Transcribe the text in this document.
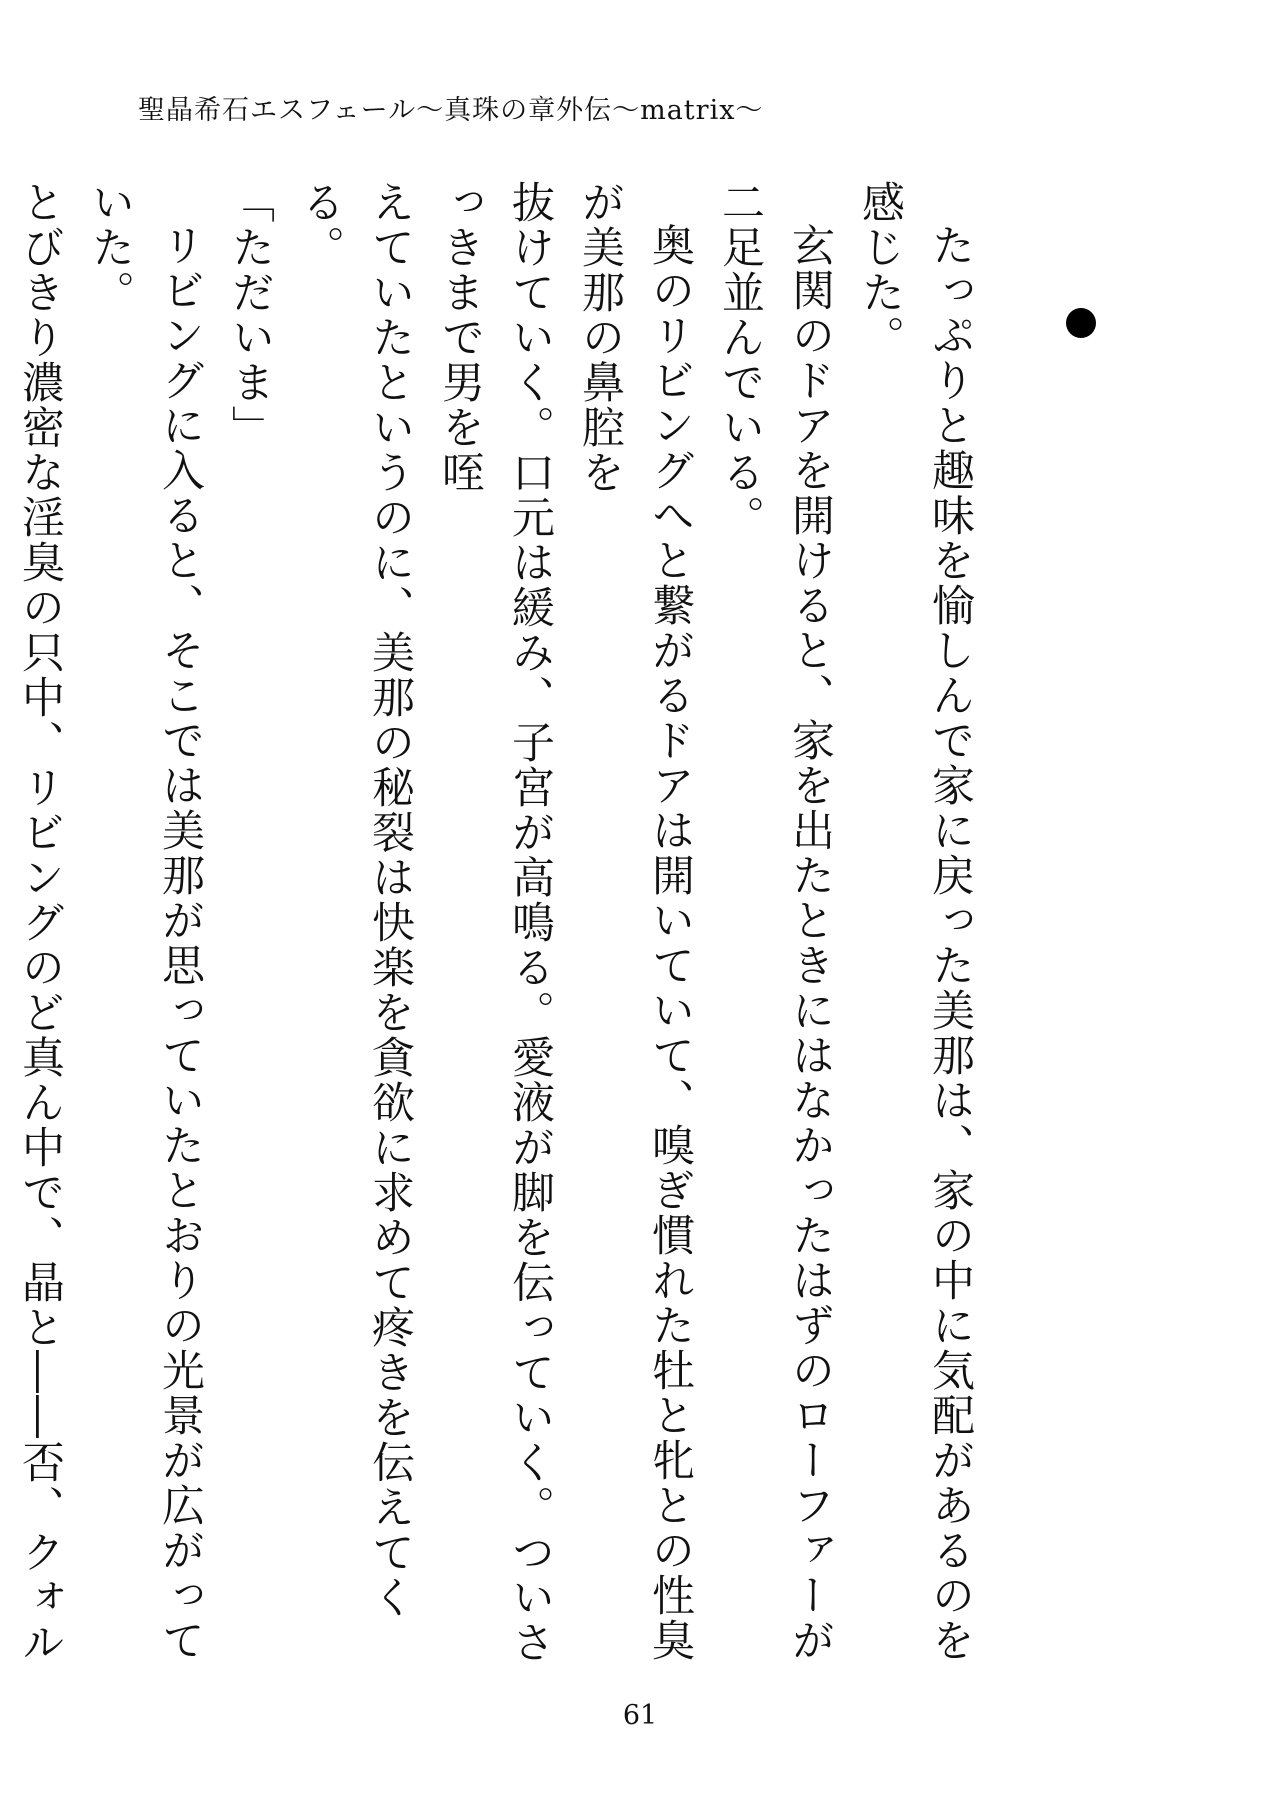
聖晶希石エスフェール～真珠の章外伝～matrix～

たっぷりと趣味を愉しんで家に戻った美那は、家の中に気配があるのを感じた。

玄関のドアを開けると、家を出たときにはなかったはずのローファーが二足並んでいる。

奥のリビングへと繋がるドアは開いていて、嗅ぎ慣れた牡と牝との性臭が美那の鼻腔を

抜けていく。口元は緩み、子宮が高鳴る。愛液が脚を伝っていく。ついさっきまで男を咥

えていたというのに、美那の秘裂は快楽を貪欲に求めて疼きを伝えてくる。

「ただいま」

リビングに入ると、そこでは美那が思っていたとおりの光景が広がっていた。

とびきり濃密な淫臭の只中、リビングのど真ん中で、晶と――否、クォル

61
